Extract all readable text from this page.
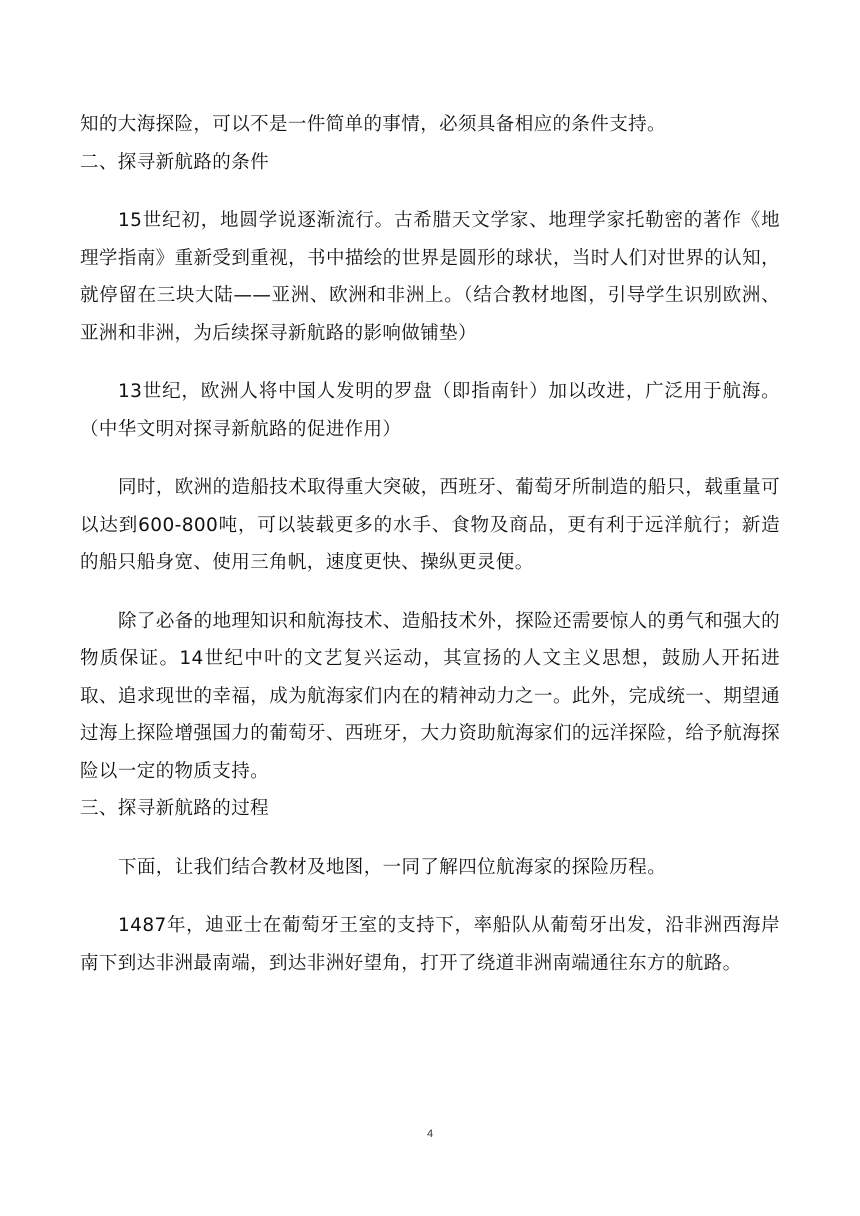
知的大海探险，可以不是一件简单的事情，必须具备相应的条件支持。

二、探寻新航路的条件

15世纪初，地圆学说逐渐流行。古希腊天文学家、地理学家托勒密的著作《地理学指南》重新受到重视，书中描绘的世界是圆形的球状，当时人们对世界的认知，就停留在三块大陆——亚洲、欧洲和非洲上。（结合教材地图，引导学生识别欧洲、亚洲和非洲，为后续探寻新航路的影响做铺垫）

13世纪，欧洲人将中国人发明的罗盘（即指南针）加以改进，广泛用于航海。（中华文明对探寻新航路的促进作用）

同时，欧洲的造船技术取得重大突破，西班牙、葡萄牙所制造的船只，载重量可以达到600-800吨，可以装载更多的水手、食物及商品，更有利于远洋航行；新造的船只船身宽、使用三角帆，速度更快、操纵更灵便。

除了必备的地理知识和航海技术、造船技术外，探险还需要惊人的勇气和强大的物质保证。14世纪中叶的文艺复兴运动，其宣扬的人文主义思想，鼓励人开拓进取、追求现世的幸福，成为航海家们内在的精神动力之一。此外，完成统一、期望通过海上探险增强国力的葡萄牙、西班牙，大力资助航海家们的远洋探险，给予航海探险以一定的物质支持。

三、探寻新航路的过程

下面，让我们结合教材及地图，一同了解四位航海家的探险历程。

1487年，迪亚士在葡萄牙王室的支持下，率船队从葡萄牙出发，沿非洲西海岸南下到达非洲最南端，到达非洲好望角，打开了绕道非洲南端通往东方的航路。

4
